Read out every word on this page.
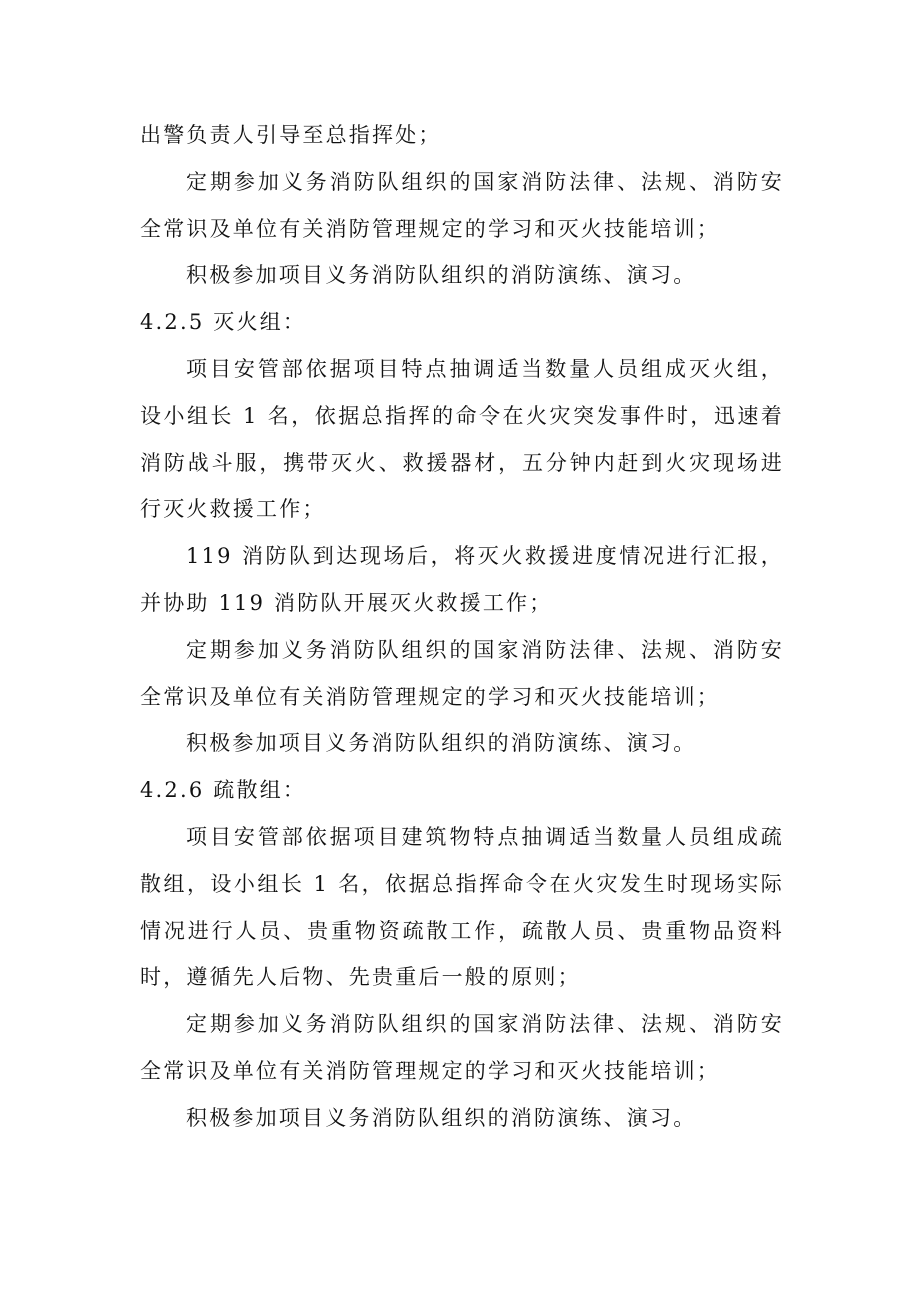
出警负责人引导至总指挥处；

定期参加义务消防队组织的国家消防法律、法规、消防安全常识及单位有关消防管理规定的学习和灭火技能培训；

积极参加项目义务消防队组织的消防演练、演习。

4.2.5 灭火组：

项目安管部依据项目特点抽调适当数量人员组成灭火组，设小组长 1 名，依据总指挥的命令在火灾突发事件时，迅速着消防战斗服，携带灭火、救援器材，五分钟内赶到火灾现场进行灭火救援工作；

119 消防队到达现场后，将灭火救援进度情况进行汇报，并协助 119 消防队开展灭火救援工作；

定期参加义务消防队组织的国家消防法律、法规、消防安全常识及单位有关消防管理规定的学习和灭火技能培训；

积极参加项目义务消防队组织的消防演练、演习。

4.2.6 疏散组：

项目安管部依据项目建筑物特点抽调适当数量人员组成疏散组，设小组长 1 名，依据总指挥命令在火灾发生时现场实际情况进行人员、贵重物资疏散工作，疏散人员、贵重物品资料时，遵循先人后物、先贵重后一般的原则；

定期参加义务消防队组织的国家消防法律、法规、消防安全常识及单位有关消防管理规定的学习和灭火技能培训；

积极参加项目义务消防队组织的消防演练、演习。
